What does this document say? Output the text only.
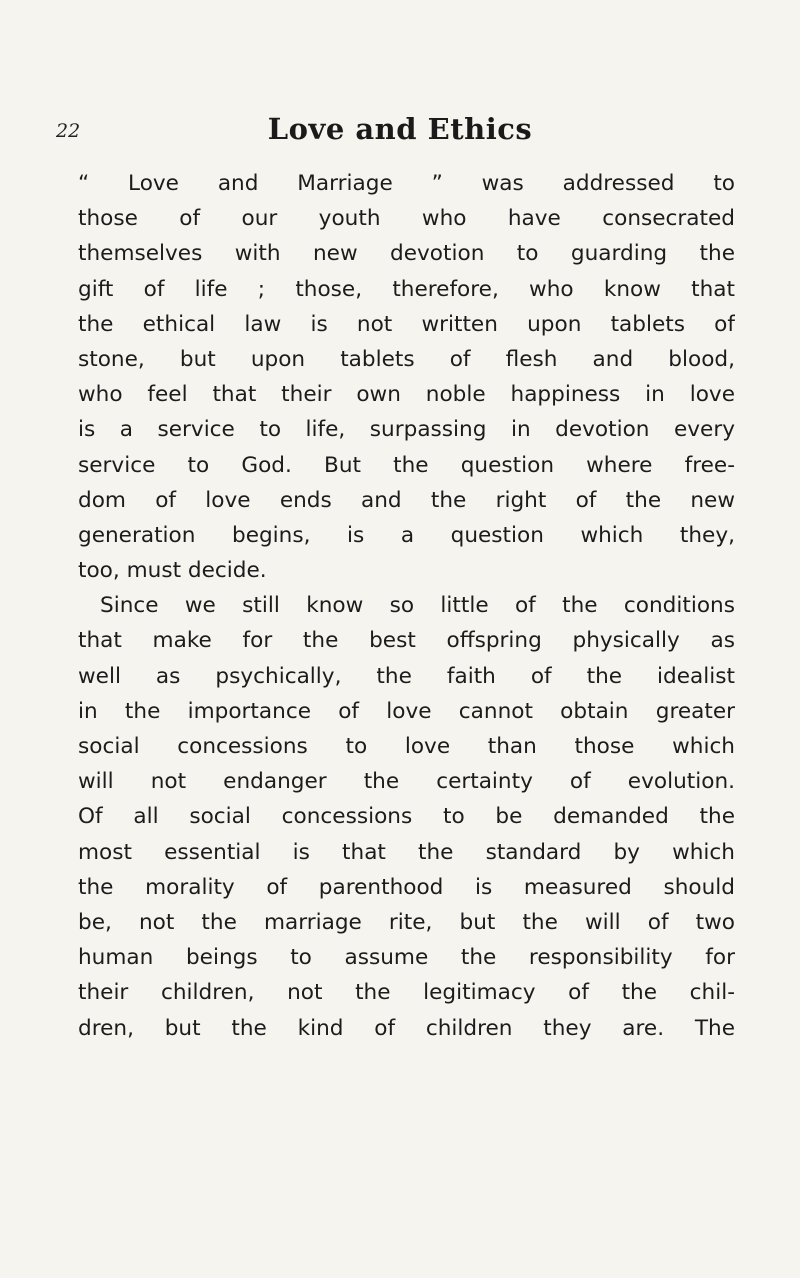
22	Love and Ethics
“ Love and Marriage ” was addressed to
those of our youth who have consecrated
themselves with new devotion to guarding the
gift of life ; those, therefore, who know that
the ethical law is not written upon tablets of
stone, but upon tablets of flesh and blood,
who feel that their own noble happiness in love
is a service to life, surpassing in devotion every
service to God. But the question where free-
dom of love ends and the right of the new
generation begins, is a question which they,
too, must decide.
Since we still know so little of the conditions
that make for the best offspring physically as
well as psychically, the faith of the idealist
in the importance of love cannot obtain greater
social concessions to love than those which
will not endanger the certainty of evolution.
Of all social concessions to be demanded the
most essential is that the standard by which
the morality of parenthood is measured should
be, not the marriage rite, but the will of two
human beings to assume the responsibility for
their children, not the legitimacy of the chil-
dren, but the kind of children they are. The
